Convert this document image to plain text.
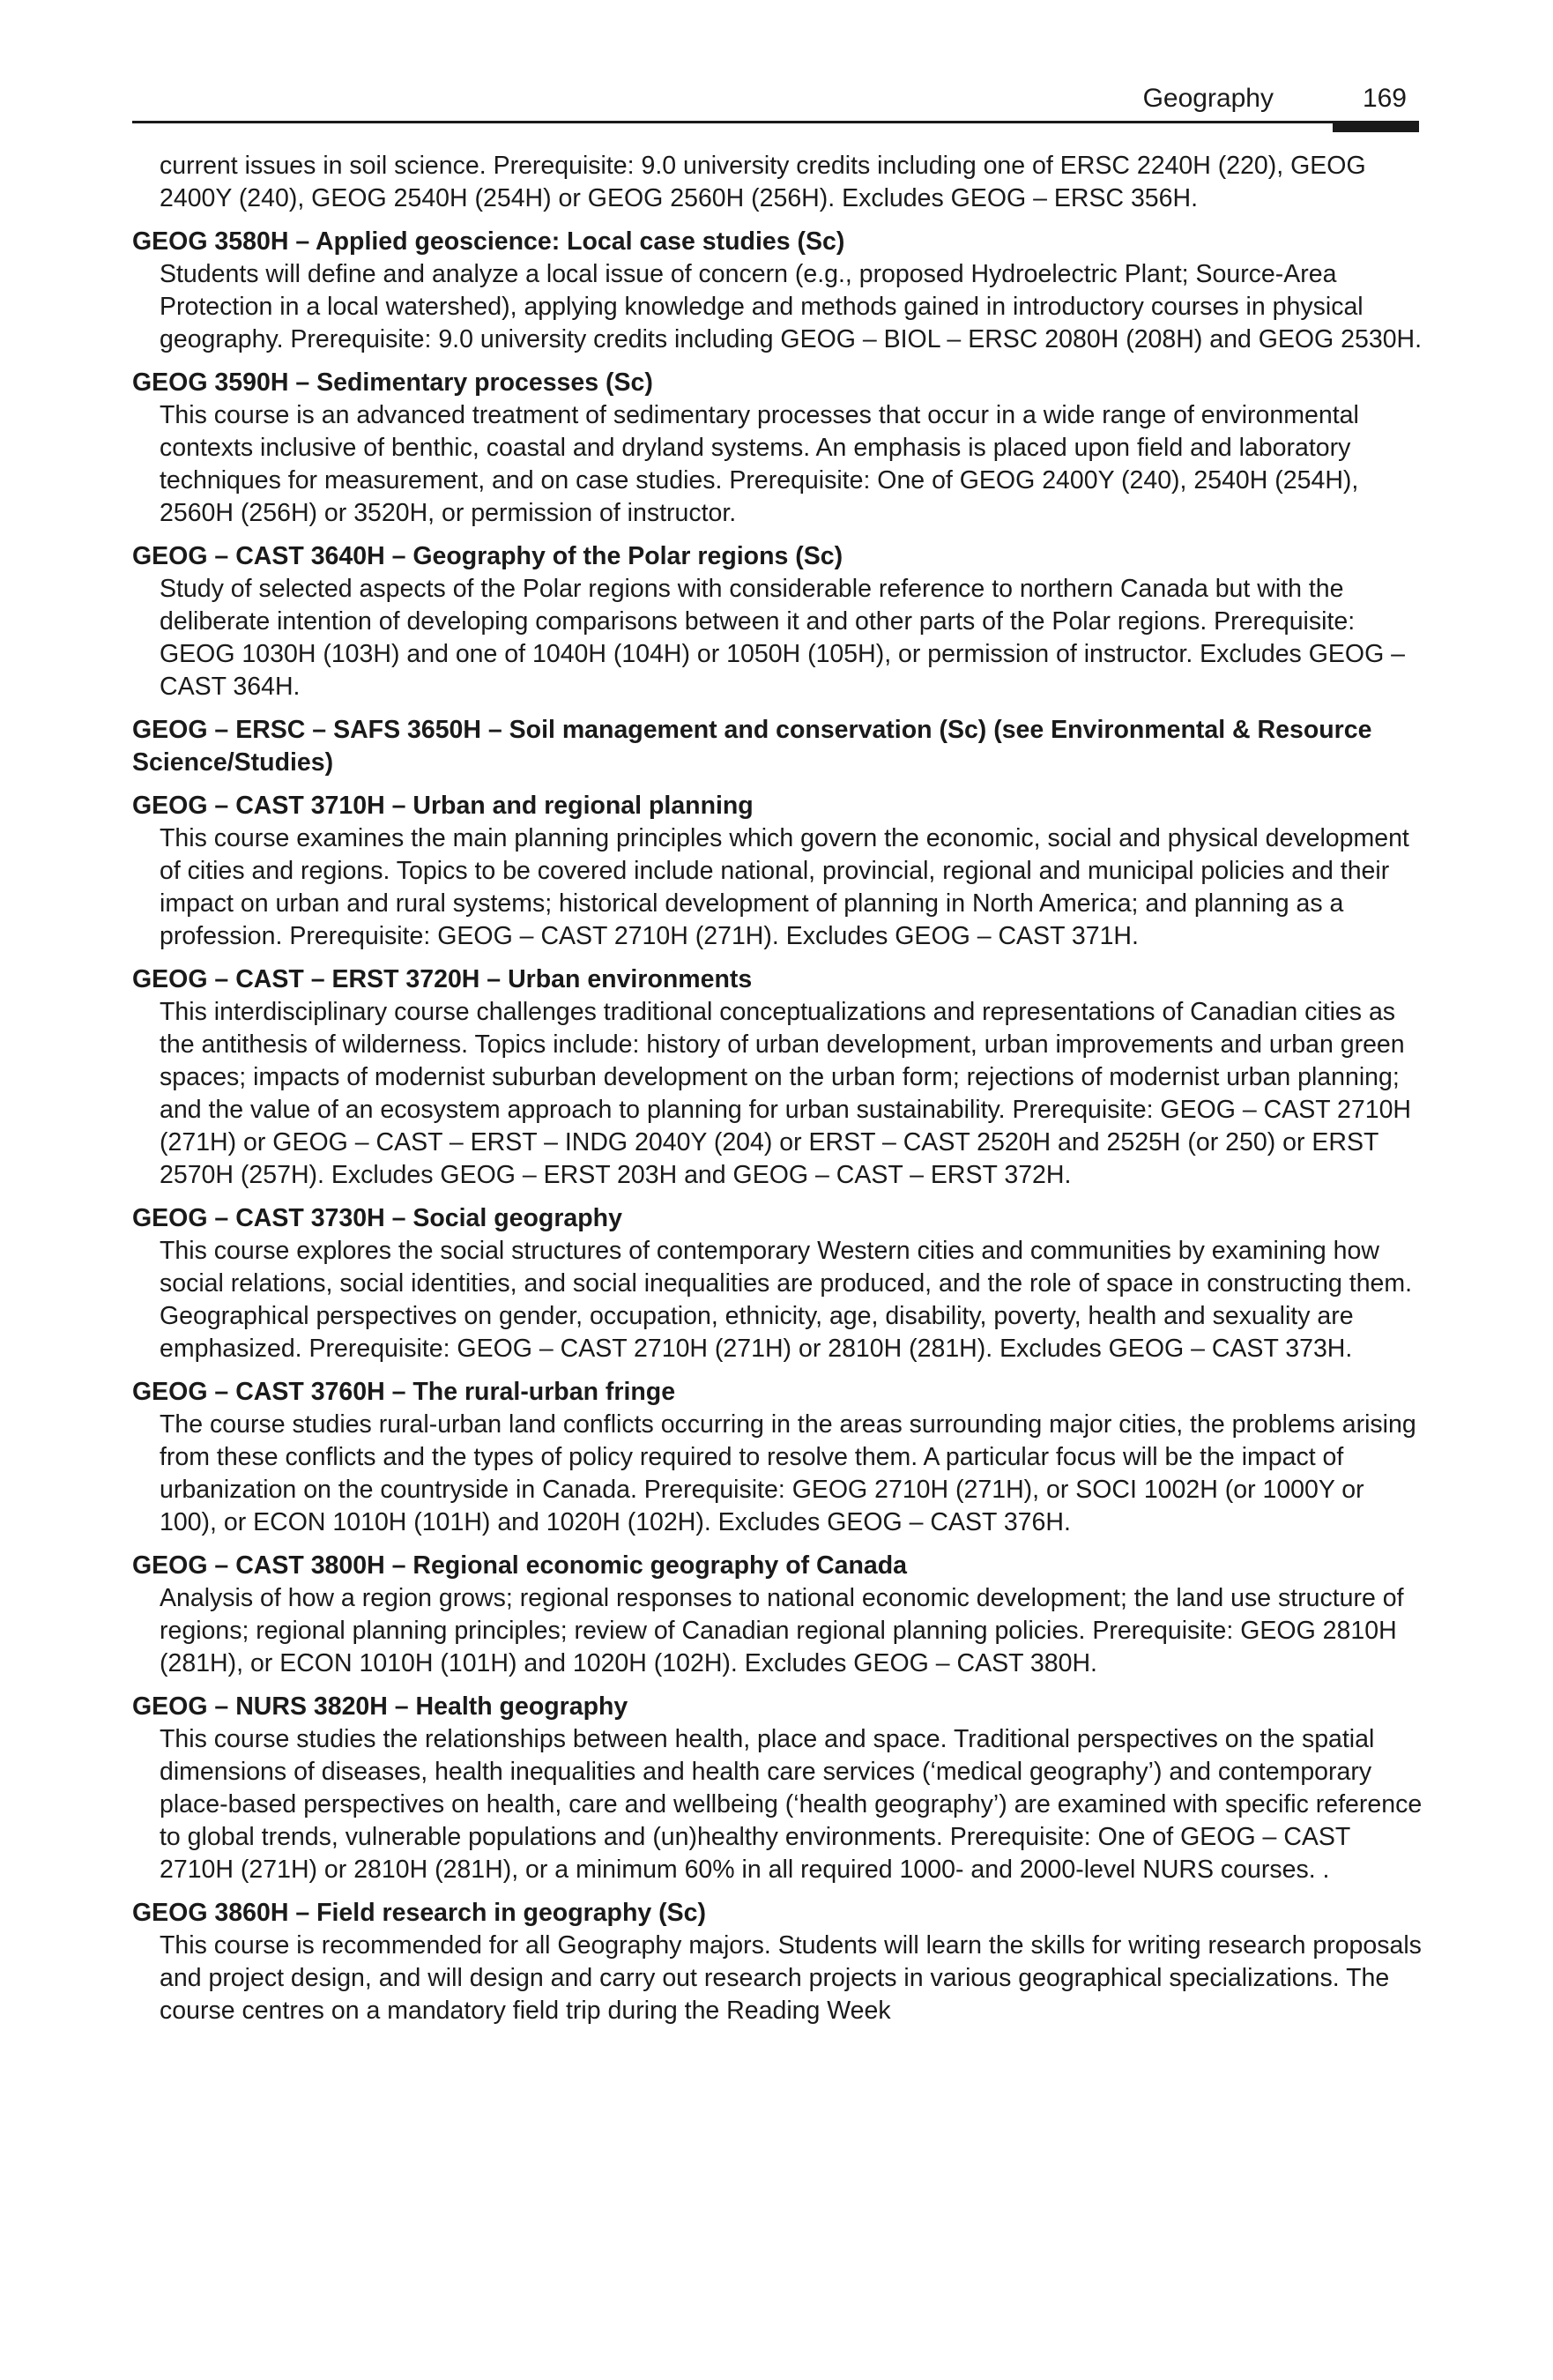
Geography	169

current issues in soil science. Prerequisite: 9.0 university credits including one of ERSC 2240H (220), GEOG 2400Y (240), GEOG 2540H (254H) or GEOG 2560H (256H). Excludes GEOG – ERSC 356H.

GEOG 3580H – Applied geoscience: Local case studies (Sc)

Students will define and analyze a local issue of concern (e.g., proposed Hydroelectric Plant; Source-Area Protection in a local watershed), applying knowledge and methods gained in introductory courses in physical geography. Prerequisite: 9.0 university credits including GEOG – BIOL – ERSC 2080H (208H) and GEOG 2530H.

GEOG 3590H – Sedimentary processes (Sc)

This course is an advanced treatment of sedimentary processes that occur in a wide range of environmental contexts inclusive of benthic, coastal and dryland systems. An emphasis is placed upon field and laboratory techniques for measurement, and on case studies. Prerequisite: One of GEOG 2400Y (240), 2540H (254H), 2560H (256H) or 3520H, or permission of instructor.

GEOG – CAST 3640H – Geography of the Polar regions (Sc)

Study of selected aspects of the Polar regions with considerable reference to northern Canada but with the deliberate intention of developing comparisons between it and other parts of the Polar regions. Prerequisite: GEOG 1030H (103H) and one of 1040H (104H) or 1050H (105H), or permission of instructor. Excludes GEOG – CAST 364H.

GEOG – ERSC – SAFS 3650H – Soil management and conservation (Sc) (see Environmental & Resource Science/Studies)

GEOG – CAST 3710H – Urban and regional planning

This course examines the main planning principles which govern the economic, social and physical development of cities and regions. Topics to be covered include national, provincial, regional and municipal policies and their impact on urban and rural systems; historical development of planning in North America; and planning as a profession. Prerequisite: GEOG – CAST 2710H (271H). Excludes GEOG – CAST 371H.

GEOG – CAST – ERST 3720H – Urban environments

This interdisciplinary course challenges traditional conceptualizations and representations of Canadian cities as the antithesis of wilderness. Topics include: history of urban development, urban improvements and urban green spaces; impacts of modernist suburban development on the urban form; rejections of modernist urban planning; and the value of an ecosystem approach to planning for urban sustainability. Prerequisite: GEOG – CAST 2710H (271H) or GEOG – CAST – ERST – INDG 2040Y (204) or ERST – CAST 2520H and 2525H (or 250) or ERST 2570H (257H). Excludes GEOG – ERST 203H and GEOG – CAST – ERST 372H.

GEOG – CAST 3730H – Social geography

This course explores the social structures of contemporary Western cities and communities by examining how social relations, social identities, and social inequalities are produced, and the role of space in constructing them. Geographical perspectives on gender, occupation, ethnicity, age, disability, poverty, health and sexuality are emphasized. Prerequisite: GEOG – CAST 2710H (271H) or 2810H (281H). Excludes GEOG – CAST 373H.

GEOG – CAST 3760H – The rural-urban fringe

The course studies rural-urban land conflicts occurring in the areas surrounding major cities, the problems arising from these conflicts and the types of policy required to resolve them. A particular focus will be the impact of urbanization on the countryside in Canada. Prerequisite: GEOG 2710H (271H), or SOCI 1002H (or 1000Y or 100), or ECON 1010H (101H) and 1020H (102H). Excludes GEOG – CAST 376H.

GEOG – CAST 3800H – Regional economic geography of Canada

Analysis of how a region grows; regional responses to national economic development; the land use structure of regions; regional planning principles; review of Canadian regional planning policies. Prerequisite: GEOG 2810H (281H), or ECON 1010H (101H) and 1020H (102H). Excludes GEOG – CAST 380H.

GEOG – NURS 3820H – Health geography

This course studies the relationships between health, place and space. Traditional perspectives on the spatial dimensions of diseases, health inequalities and health care services (‘medical geography’) and contemporary place-based perspectives on health, care and wellbeing (‘health geography’) are examined with specific reference to global trends, vulnerable populations and (un)healthy environments. Prerequisite: One of GEOG – CAST 2710H (271H) or 2810H (281H), or a minimum 60% in all required 1000- and 2000-level NURS courses. .

GEOG 3860H – Field research in geography (Sc)

This course is recommended for all Geography majors. Students will learn the skills for writing research proposals and project design, and will design and carry out research projects in various geographical specializations. The course centres on a mandatory field trip during the Reading Week
